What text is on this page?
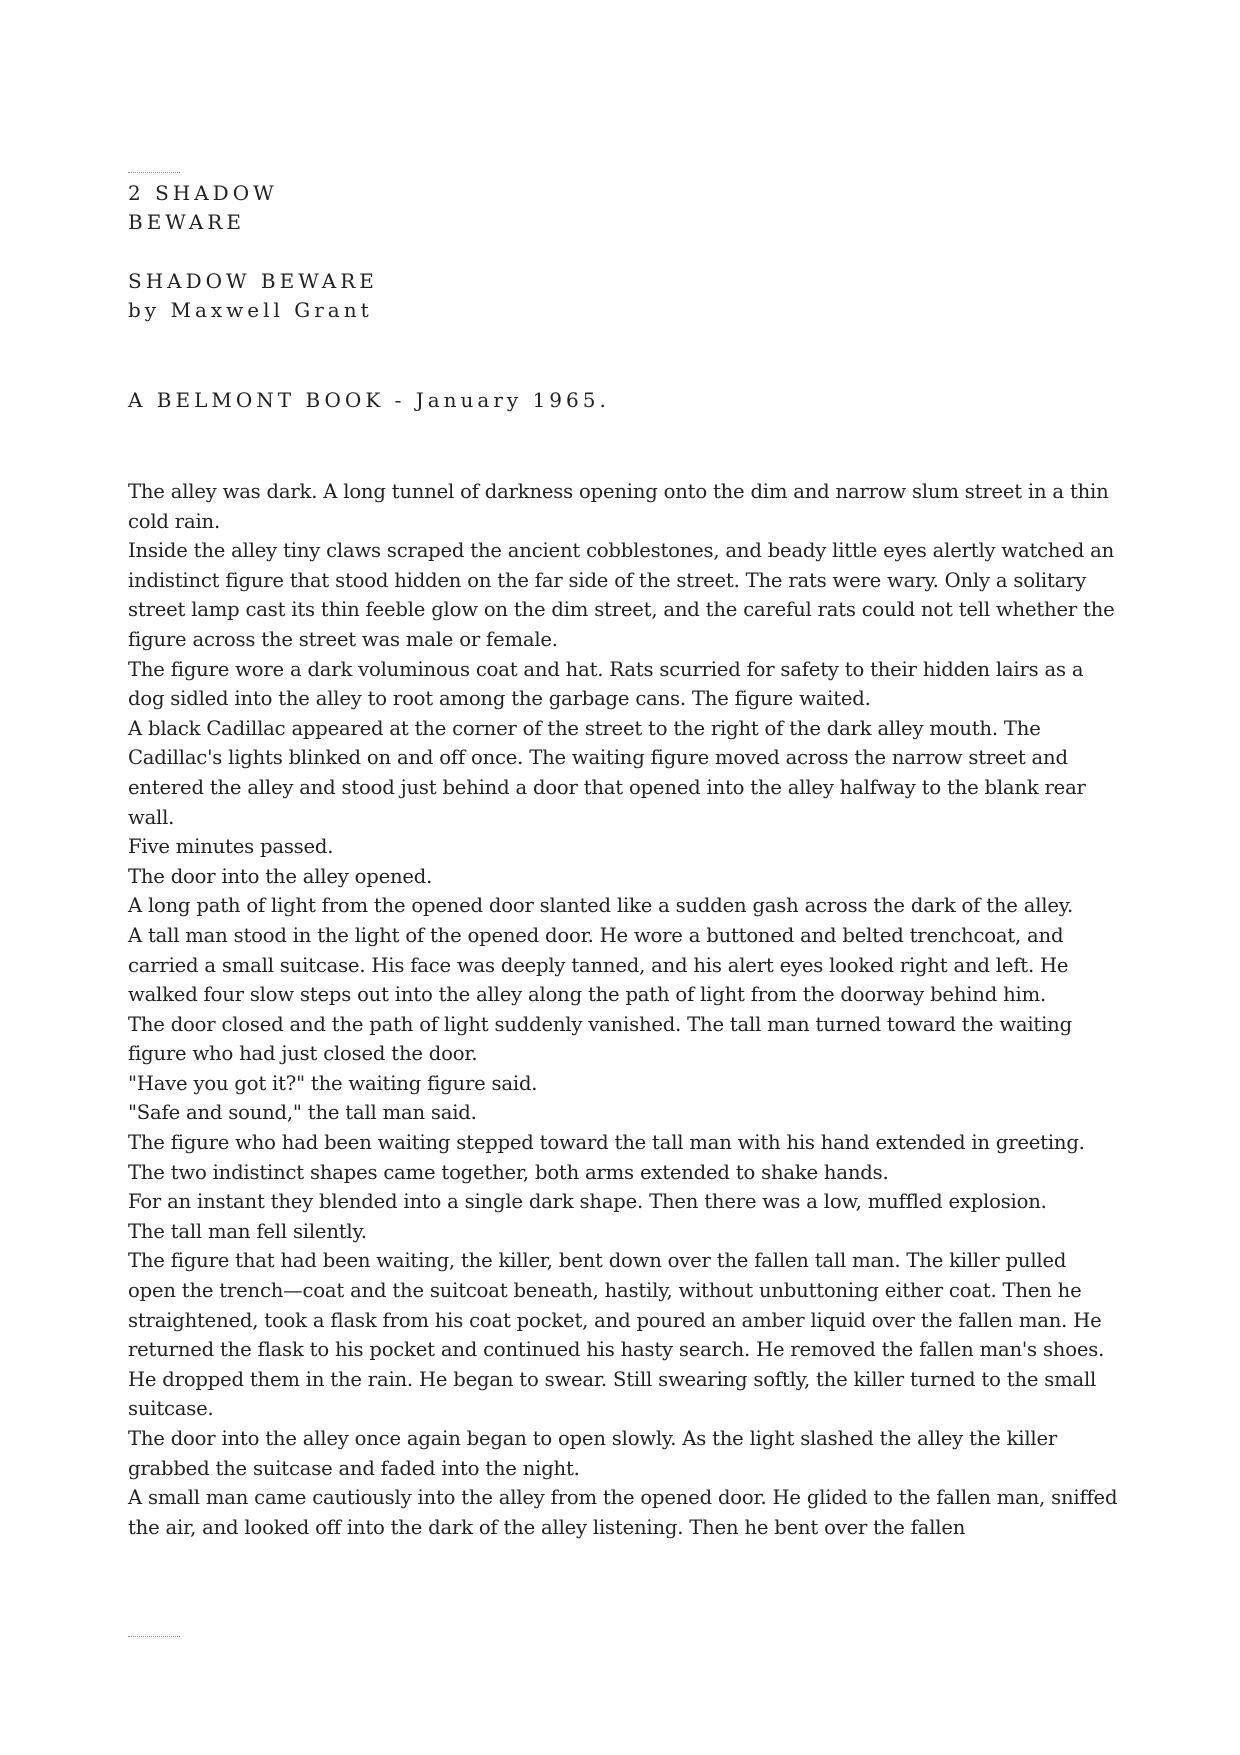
2 SHADOW
BEWARE
SHADOW BEWARE
by Maxwell Grant
A BELMONT BOOK - January 1965.

The alley was dark. A long tunnel of darkness opening onto the dim and narrow slum street in a thin cold rain.

Inside the alley tiny claws scraped the ancient cobblestones, and beady little eyes alertly watched an indistinct figure that stood hidden on the far side of the street. The rats were wary. Only a solitary street lamp cast its thin feeble glow on the dim street, and the careful rats could not tell whether the figure across the street was male or female.

The figure wore a dark voluminous coat and hat. Rats scurried for safety to their hidden lairs as a dog sidled into the alley to root among the garbage cans. The figure waited.

A black Cadillac appeared at the corner of the street to the right of the dark alley mouth. The Cadillac's lights blinked on and off once. The waiting figure moved across the narrow street and entered the alley and stood just behind a door that opened into the alley halfway to the blank rear wall.

Five minutes passed.

The door into the alley opened.

A long path of light from the opened door slanted like a sudden gash across the dark of the alley.

A tall man stood in the light of the opened door. He wore a buttoned and belted trenchcoat, and carried a small suitcase. His face was deeply tanned, and his alert eyes looked right and left. He walked four slow steps out into the alley along the path of light from the doorway behind him.

The door closed and the path of light suddenly vanished. The tall man turned toward the waiting figure who had just closed the door.

"Have you got it?" the waiting figure said.

"Safe and sound," the tall man said.

The figure who had been waiting stepped toward the tall man with his hand extended in greeting. The two indistinct shapes came together, both arms extended to shake hands.

For an instant they blended into a single dark shape. Then there was a low, muffled explosion.

The tall man fell silently.

The figure that had been waiting, the killer, bent down over the fallen tall man. The killer pulled open the trench—coat and the suitcoat beneath, hastily, without unbuttoning either coat. Then he straightened, took a flask from his coat pocket, and poured an amber liquid over the fallen man. He returned the flask to his pocket and continued his hasty search. He removed the fallen man's shoes. He dropped them in the rain. He began to swear. Still swearing softly, the killer turned to the small suitcase.

The door into the alley once again began to open slowly. As the light slashed the alley the killer grabbed the suitcase and faded into the night.

A small man came cautiously into the alley from the opened door. He glided to the fallen man, sniffed the air, and looked off into the dark of the alley listening. Then he bent over the fallen
